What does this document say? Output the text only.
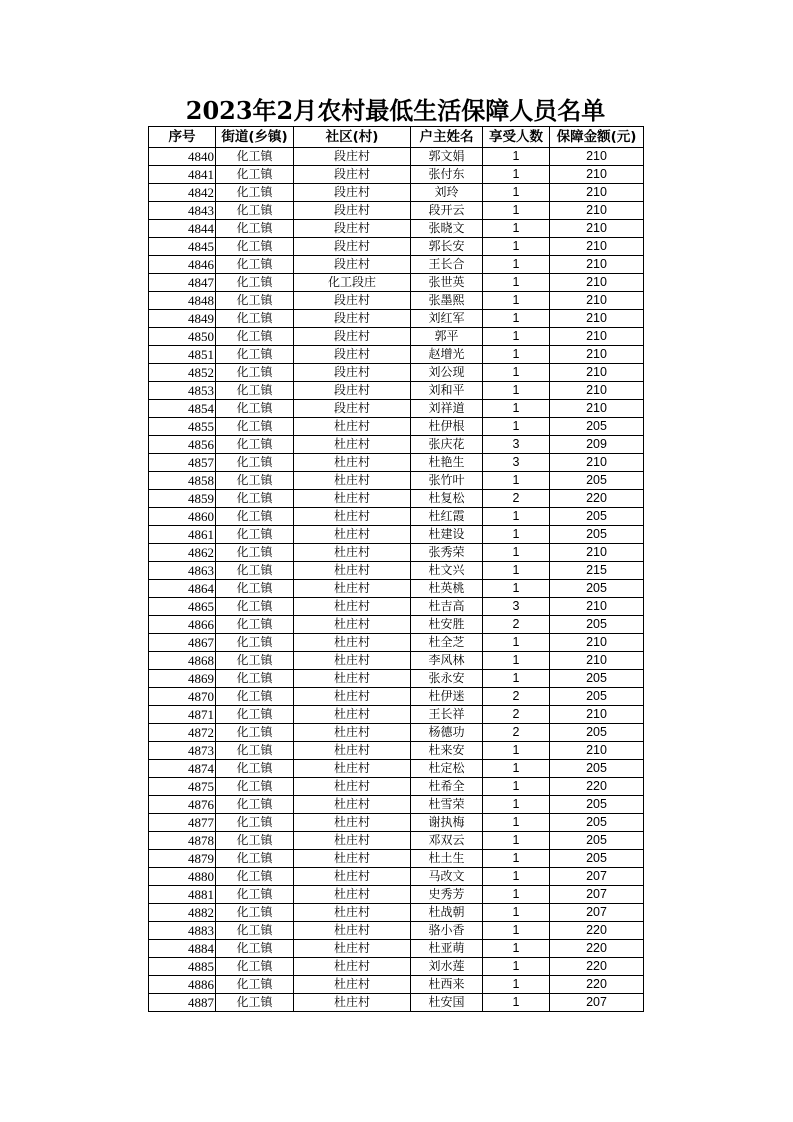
2023年2月农村最低生活保障人员名单
序号	街道(乡镇)	社区(村)	户主姓名	享受人数	保障金额(元)
4840	化工镇	段庄村	郭文娟	1	210
4841	化工镇	段庄村	张付东	1	210
4842	化工镇	段庄村	刘玲	1	210
4843	化工镇	段庄村	段开云	1	210
4844	化工镇	段庄村	张晓文	1	210
4845	化工镇	段庄村	郭长安	1	210
4846	化工镇	段庄村	王长合	1	210
4847	化工镇	化工段庄	张世英	1	210
4848	化工镇	段庄村	张墨熙	1	210
4849	化工镇	段庄村	刘红军	1	210
4850	化工镇	段庄村	郭平	1	210
4851	化工镇	段庄村	赵增光	1	210
4852	化工镇	段庄村	刘公现	1	210
4853	化工镇	段庄村	刘和平	1	210
4854	化工镇	段庄村	刘祥道	1	210
4855	化工镇	杜庄村	杜伊根	1	205
4856	化工镇	杜庄村	张庆花	3	209
4857	化工镇	杜庄村	杜艳生	3	210
4858	化工镇	杜庄村	张竹叶	1	205
4859	化工镇	杜庄村	杜复松	2	220
4860	化工镇	杜庄村	杜红霞	1	205
4861	化工镇	杜庄村	杜建设	1	205
4862	化工镇	杜庄村	张秀荣	1	210
4863	化工镇	杜庄村	杜文兴	1	215
4864	化工镇	杜庄村	杜英桃	1	205
4865	化工镇	杜庄村	杜吉高	3	210
4866	化工镇	杜庄村	杜安胜	2	205
4867	化工镇	杜庄村	杜全芝	1	210
4868	化工镇	杜庄村	李风林	1	210
4869	化工镇	杜庄村	张永安	1	205
4870	化工镇	杜庄村	杜伊迷	2	205
4871	化工镇	杜庄村	王长祥	2	210
4872	化工镇	杜庄村	杨德功	2	205
4873	化工镇	杜庄村	杜来安	1	210
4874	化工镇	杜庄村	杜定松	1	205
4875	化工镇	杜庄村	杜希全	1	220
4876	化工镇	杜庄村	杜雪荣	1	205
4877	化工镇	杜庄村	谢执梅	1	205
4878	化工镇	杜庄村	邓双云	1	205
4879	化工镇	杜庄村	杜土生	1	205
4880	化工镇	杜庄村	马改文	1	207
4881	化工镇	杜庄村	史秀芳	1	207
4882	化工镇	杜庄村	杜战朝	1	207
4883	化工镇	杜庄村	骆小香	1	220
4884	化工镇	杜庄村	杜亚萌	1	220
4885	化工镇	杜庄村	刘水莲	1	220
4886	化工镇	杜庄村	杜西来	1	220
4887	化工镇	杜庄村	杜安国	1	207
